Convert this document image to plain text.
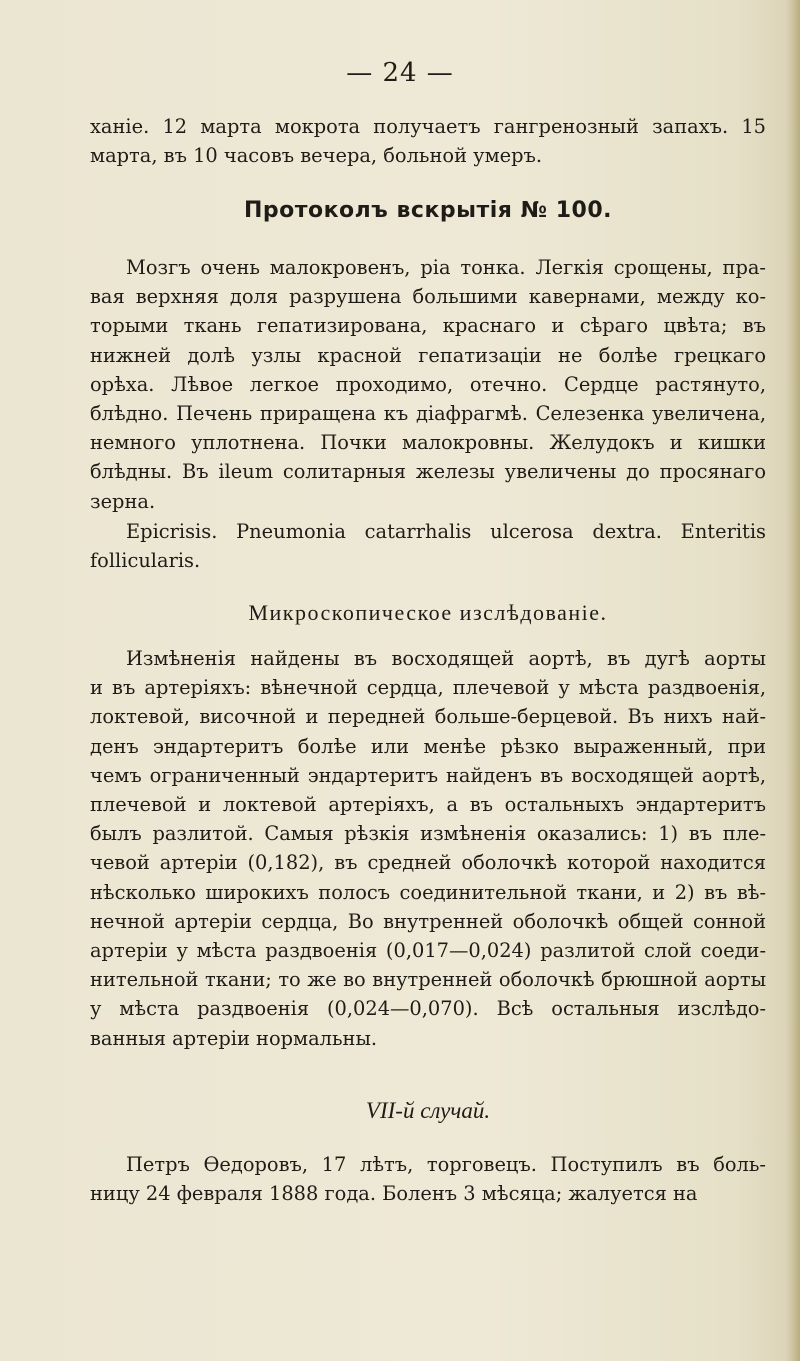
— 24 —

ханіе. 12 марта мокрота получаетъ гангренозный запахъ. 15

марта, въ 10 часовъ вечера, больной умеръ.

Протоколъ вскрытія № 100.

Мозгъ очень малокровенъ, ріа тонка. Легкія срощены, пра-

вая верхняя доля разрушена большими кавернами, между ко-

торыми ткань гепатизирована, краснаго и сѣраго цвѣта; въ

нижней долѣ узлы красной гепатизаціи не болѣе грецкаго

орѣха. Лѣвое легкое проходимо, отечно. Сердце растянуто,

блѣдно. Печень приращена къ діафрагмѣ. Селезенка увеличена,

немного уплотнена. Почки малокровны. Желудокъ и кишки

блѣдны. Въ ileum солитарныя железы увеличены до просянаго

зерна.

Epicrisis. Pneumonia catarrhalis ulcerosa dextra. Enteritis

follicularis.

Микроскопическое изслѣдованіе.

Измѣненія найдены въ восходящей аортѣ, въ дугѣ аорты

и въ артеріяхъ: вѣнечной сердца, плечевой у мѣста раздвоенія,

локтевой, височной и передней больше-берцевой. Въ нихъ най-

денъ эндартеритъ болѣе или менѣе рѣзко выраженный, при

чемъ ограниченный эндартеритъ найденъ въ восходящей аортѣ,

плечевой и локтевой артеріяхъ, а въ остальныхъ эндартеритъ

былъ разлитой. Самыя рѣзкія измѣненія оказались: 1) въ пле-

чевой артеріи (0,182), въ средней оболочкѣ которой находится

нѣсколько широкихъ полосъ соединительной ткани, и 2) въ вѣ-

нечной артеріи сердца, Во внутренней оболочкѣ общей сонной

артеріи у мѣста раздвоенія (0,017—0,024) разлитой слой соеди-

нительной ткани; то же во внутренней оболочкѣ брюшной аорты

у мѣста раздвоенія (0,024—0,070). Всѣ остальныя изслѣдо-

ванныя артеріи нормальны.

VII-й случай.

Петръ Өедоровъ, 17 лѣтъ, торговецъ. Поступилъ въ боль-

ницу 24 февраля 1888 года. Боленъ 3 мѣсяца; жалуется на
